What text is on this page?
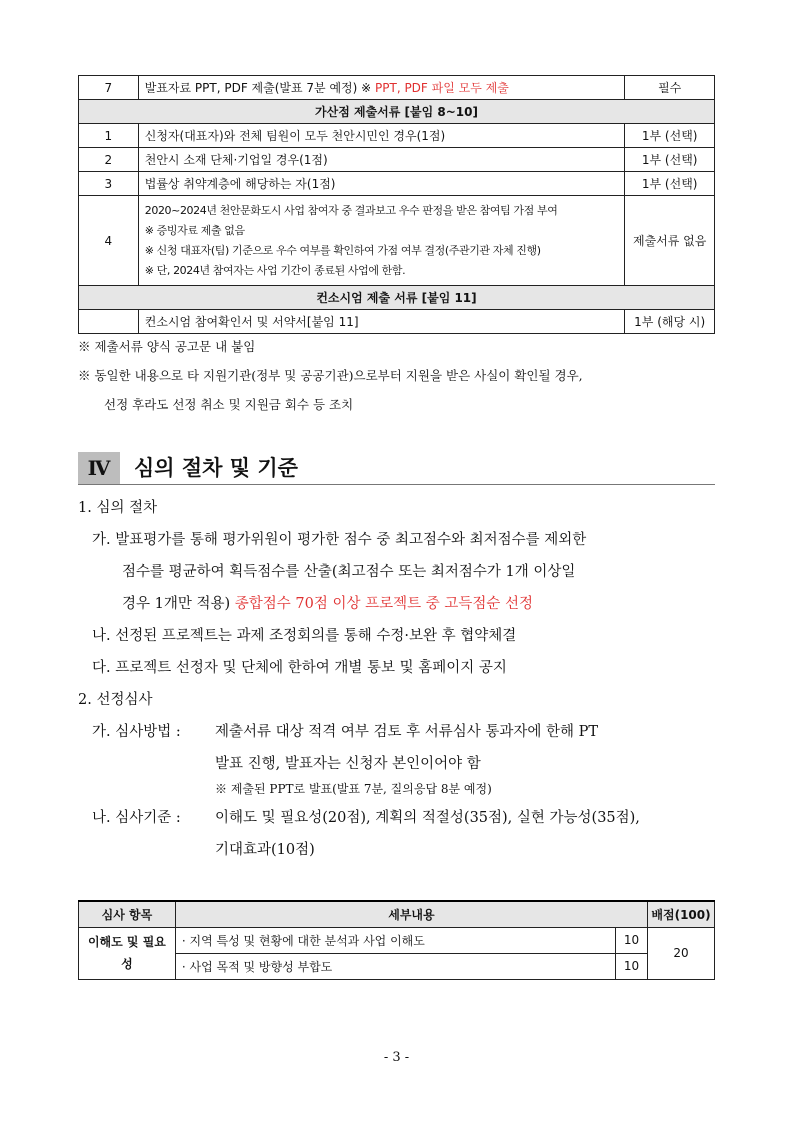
7	발표자료 PPT, PDF 제출(발표 7분 예정) ※ PPT, PDF 파일 모두 제출	필수
가산점 제출서류 [붙임 8~10]		
1	신청자(대표자)와 전체 팀원이 모두 천안시민인 경우(1점)	1부 (선택)
2	천안시 소재 단체·기업일 경우(1점)	1부 (선택)
3	법률상 취약계층에 해당하는 자(1점)	1부 (선택)
4	2020~2024년 천안문화도시 사업 참여자 중 결과보고 우수 판정을 받은 참여팀 가점 부여
※ 증빙자료 제출 없음
※ 신청 대표자(팀) 기준으로 우수 여부를 확인하여 가점 여부 결정(주관기관 자체 진행)
※ 단, 2024년 참여자는 사업 기간이 종료된 사업에 한함.	제출서류 없음
컨소시엄 제출 서류 [붙임 11]		
	컨소시엄 참여확인서 및 서약서[붙임 11]	1부 (해당 시)
※ 제출서류 양식 공고문 내 붙임
※ 동일한 내용으로 타 지원기관(정부 및 공공기관)으로부터 지원을 받은 사실이 확인될 경우,
선정 후라도 선정 취소 및 지원금 회수 등 조치
Ⅳ	심의 절차 및 기준
1. 심의 절차
가. 발표평가를 통해 평가위원이 평가한 점수 중 최고점수와 최저점수를 제외한
점수를 평균하여 획득점수를 산출(최고점수 또는 최저점수가 1개 이상일
경우 1개만 적용) 종합점수 70점 이상 프로젝트 중 고득점순 선정
나. 선정된 프로젝트는 과제 조정회의를 통해 수정·보완 후 협약체결
다. 프로젝트 선정자 및 단체에 한하여 개별 통보 및 홈페이지 공지
2. 선정심사
가. 심사방법 : 제출서류 대상 적격 여부 검토 후 서류심사 통과자에 한해 PT
발표 진행, 발표자는 신청자 본인이어야 함
※ 제출된 PPT로 발표(발표 7분, 질의응답 8분 예정)
나. 심사기준 : 이해도 및 필요성(20점), 계획의 적절성(35점), 실현 가능성(35점),
기대효과(10점)
심사 항목	세부내용		배점(100)
이해도 및 필요성	· 지역 특성 및 현황에 대한 분석과 사업 이해도	10	20
	· 사업 목적 및 방향성 부합도	10	
- 3 -
